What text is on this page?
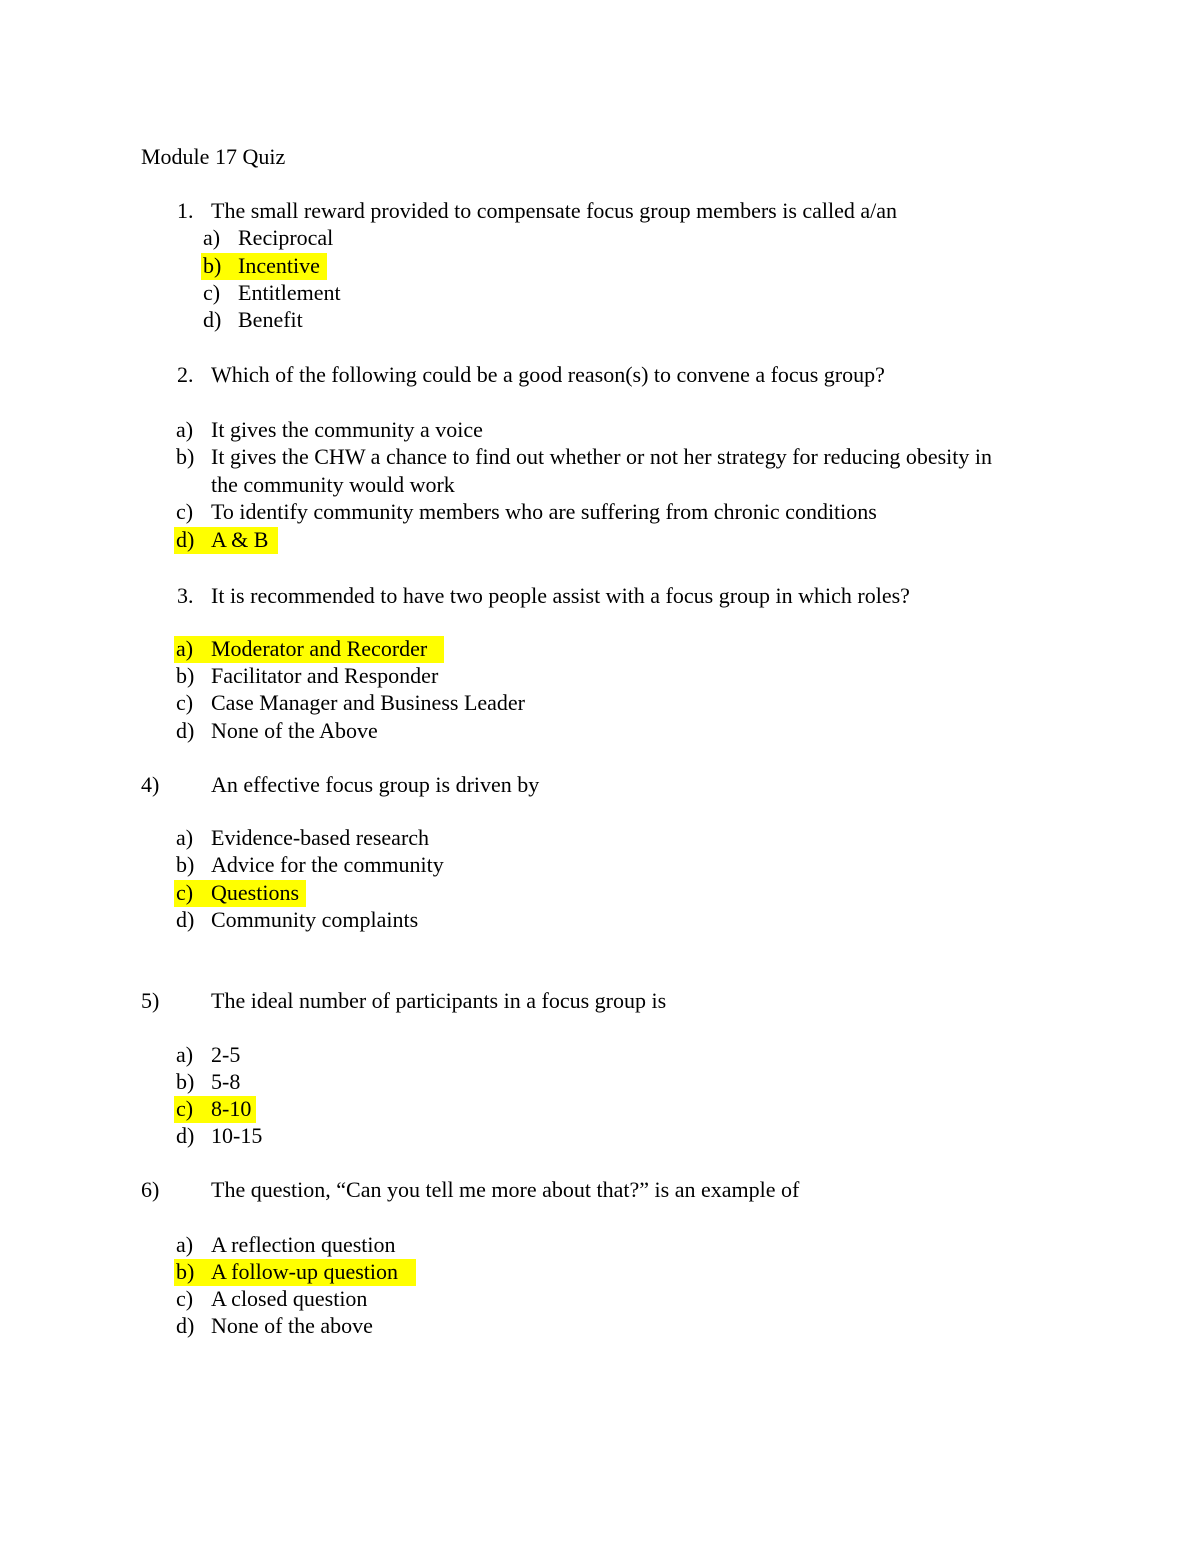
Module 17 Quiz
1. The small reward provided to compensate focus group members is called a/an
a) Reciprocal
b) Incentive
c) Entitlement
d) Benefit
2. Which of the following could be a good reason(s) to convene a focus group?
a) It gives the community a voice
b) It gives the CHW a chance to find out whether or not her strategy for reducing obesity in
the community would work
c) To identify community members who are suffering from chronic conditions
d) A & B
3. It is recommended to have two people assist with a focus group in which roles?
a) Moderator and Recorder
b) Facilitator and Responder
c) Case Manager and Business Leader
d) None of the Above
4) An effective focus group is driven by
a) Evidence-based research
b) Advice for the community
c) Questions
d) Community complaints
5) The ideal number of participants in a focus group is
a) 2-5
b) 5-8
c) 8-10
d) 10-15
6) The question, “Can you tell me more about that?” is an example of
a) A reflection question
b) A follow-up question
c) A closed question
d) None of the above
